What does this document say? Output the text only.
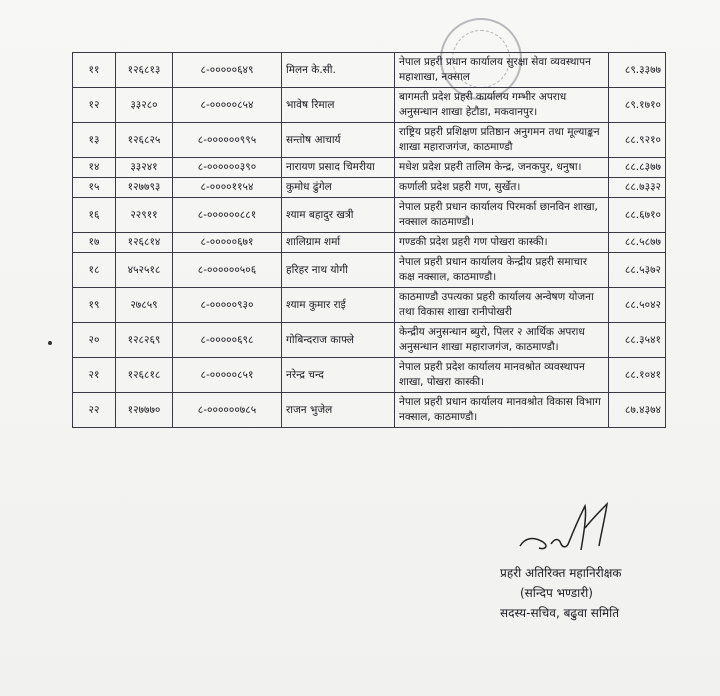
११	१२६८१३	८-०००००६४९	मिलन के.सी.	नेपाल प्रहरी प्रधान कार्यालय सुरक्षा सेवा व्यवस्थापन महाशाखा, नक्साल	८९.३३७७
१२	३३२८०	८-०००००८५४	भावेष रिमाल	बागमती प्रदेश प्रहरी कार्यालय गम्भीर अपराध अनुसन्धान शाखा हेटौडा, मकवानपुर।	८९.१७१०
१३	१२६८२५	८-००००००९९५	सन्तोष आचार्य	राष्ट्रिय प्रहरी प्रशिक्षण प्रतिष्ठान अनुगमन तथा मूल्याङ्कन शाखा महाराजगंज, काठमाण्डौ	८८.९२१०
१४	३३२४१	८-००००००३९०	नारायण प्रसाद चिमरीया	मधेश प्रदेश प्रहरी तालिम केन्द्र, जनकपुर, धनुषा।	८८.८३७७
१५	१२७७९३	८-००००११५४	कुमोध ढुंगेल	कर्णाली प्रदेश प्रहरी गण, सुर्खेत।	८८.७३३२
१६	२२९११	८-००००००८८१	श्याम बहादुर खत्री	नेपाल प्रहरी प्रधान कार्यालय पिरमर्का छानविन शाखा, नक्साल काठमाण्डौ।	८८.६७१०
१७	१२६८१४	८-०००००६७१	शालिग्राम शर्मा	गण्डकी प्रदेश प्रहरी गण पोखरा कास्की।	८८.५८७७
१८	४५२५१८	८-००००००५०६	हरिहर नाथ योगी	नेपाल प्रहरी प्रधान कार्यालय केन्द्रीय प्रहरी समाचार कक्ष नक्साल, काठमाण्डौ।	८८.५३७२
१९	२७८५९	८-०००००९३०	श्याम कुमार राई	काठमाण्डौ उपत्यका प्रहरी कार्यालय अन्वेषण योजना तथा विकास शाखा रानीपोखरी	८८.५०४२
२०	१२८२६९	८-०००००६९८	गोबिन्दराज काफ्ले	केन्द्रीय अनुसन्धान ब्युरो, पिलर २ आर्थिक अपराध अनुसन्धान शाखा महाराजगंज, काठमाण्डौ।	८८.३५४१
२१	१२६८१८	८-०००००८५१	नरेन्द्र चन्द	नेपाल प्रहरी प्रदेश कार्यालय मानवश्रोत व्यवस्थापन शाखा, पोखरा कास्की।	८८.१०४१
२२	१२७७७०	८-००००००७८५	राजन भुजेल	नेपाल प्रहरी प्रधान कार्यालय मानवश्रोत विकास विभाग नक्साल, काठमाण्डौ।	८७.४३७४
प्रहरी अतिरिक्त महानिरीक्षक
(सन्दिप भण्डारी)
सदस्य-सचिव, बढुवा समिति
